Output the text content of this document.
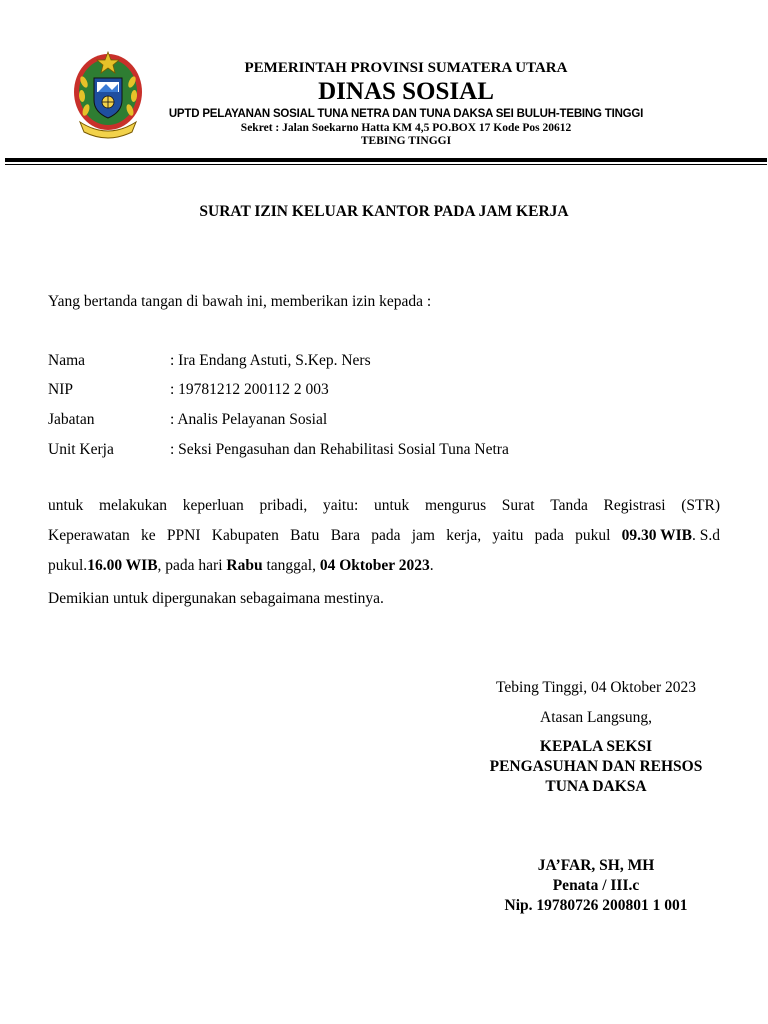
PEMERINTAH PROVINSI SUMATERA UTARA
DINAS SOSIAL
UPTD PELAYANAN SOSIAL TUNA NETRA DAN TUNA DAKSA SEI BULUH-TEBING TINGGI
Sekret : Jalan Soekarno Hatta KM 4,5 PO.BOX 17 Kode Pos 20612
TEBING TINGGI
SURAT IZIN KELUAR KANTOR PADA JAM KERJA
Yang bertanda tangan di bawah ini, memberikan izin kepada :
Nama	: Ira Endang Astuti, S.Kep. Ners
NIP	: 19781212 200112 2 003
Jabatan	: Analis Pelayanan Sosial
Unit Kerja	: Seksi Pengasuhan dan Rehabilitasi Sosial Tuna Netra
untuk melakukan keperluan pribadi, yaitu: untuk mengurus Surat Tanda Registrasi (STR)
Keperawatan ke PPNI Kabupaten Batu Bara pada jam kerja, yaitu pada pukul 09.30 WIB. S.d
pukul.16.00 WIB, pada hari Rabu tanggal, 04 Oktober 2023.
Demikian untuk dipergunakan sebagaimana mestinya.
Tebing Tinggi, 04 Oktober 2023
Atasan Langsung,
KEPALA SEKSI
PENGASUHAN DAN REHSOS
TUNA DAKSA
JA’FAR, SH, MH
Penata / III.c
Nip. 19780726 200801 1 001
